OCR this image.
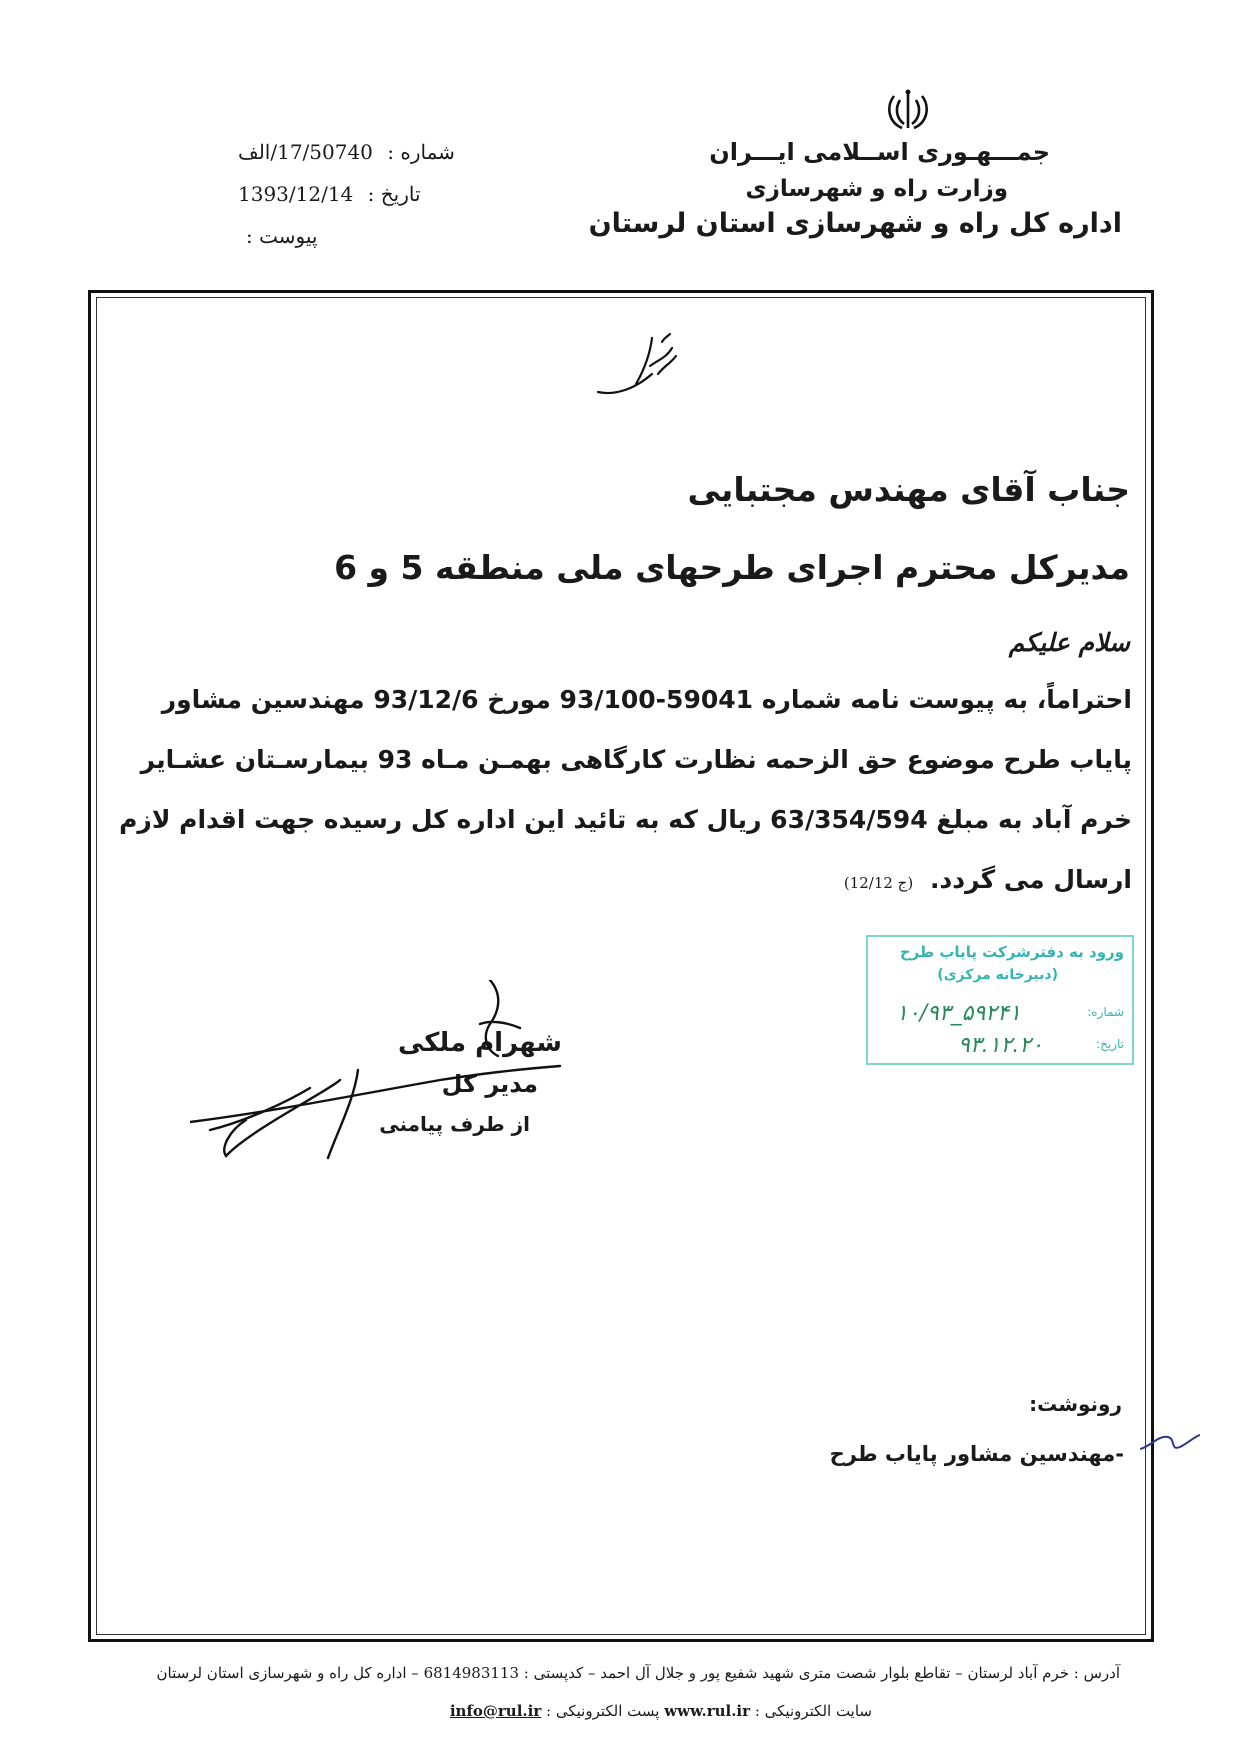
جمـــهـوری اســلامی ایـــران
وزارت راه و شهرسازی
اداره کل راه و شهرسازی استان لرستان
شماره : 17/50740/الف
تاریخ : 1393/12/14
پیوست :
جناب آقای مهندس مجتبایی
مدیرکل محترم اجرای طرحهای ملی منطقه 5 و 6
سلام علیکم
احتراماً، به پیوست نامه شماره 59041-93/100 مورخ 93/12/6 مهندسین مشاور
پایاب طرح موضوع حق الزحمه نظارت کارگاهی بهمـن مـاه 93 بیمارسـتان عشـایر
خرم آباد به مبلغ 63/354/594 ریال که به تائید این اداره کل رسیده جهت اقدام لازم
ارسال می گردد. (ج 12/12)
ورود به دفترشرکت پایاب طرح
(دبیرخانه مرکزی)
شماره:
تاریخ:
۱۰/۹۳_۵۹۲۴۱
۹۳.۱۲.۲۰
شهرام ملکی
مدیر کل
از طرف پیامنی
رونوشت:
-مهندسین مشاور پایاب طرح
آدرس : خرم آباد لرستان – تقاطع بلوار شصت متری شهید شفیع پور و جلال آل احمد – کدپستی : 6814983113 – اداره کل راه و شهرسازی استان لرستان
سایت الکترونیکی : www.rul.ir پست الکترونیکی : info@rul.ir
